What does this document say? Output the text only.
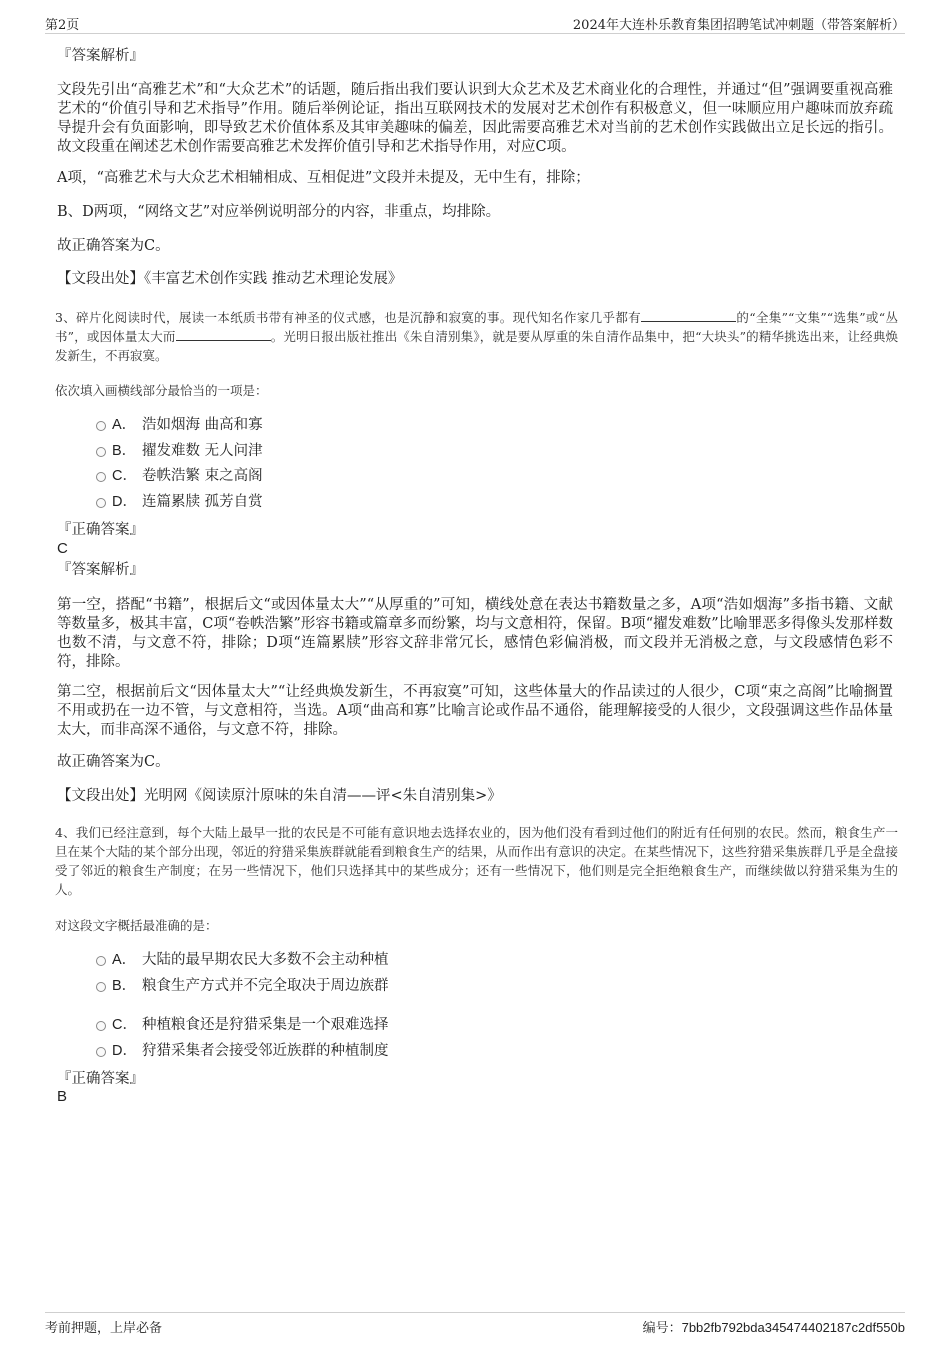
第2页	2024年大连朴乐教育集团招聘笔试冲刺题（带答案解析）
『答案解析』
文段先引出“高雅艺术”和“大众艺术”的话题，随后指出我们要认识到大众艺术及艺术商业化的合理性，并通过“但”强调要重视高雅艺术的“价值引导和艺术指导”作用。随后举例论证，指出互联网技术的发展对艺术创作有积极意义，但一味顺应用户趣味而放弃疏导提升会有负面影响，即导致艺术价值体系及其审美趣味的偏差，因此需要高雅艺术对当前的艺术创作实践做出立足长远的指引。故文段重在阐述艺术创作需要高雅艺术发挥价值引导和艺术指导作用，对应C项。
A项，“高雅艺术与大众艺术相辅相成、互相促进”文段并未提及，无中生有，排除；
B、D两项，“网络文艺”对应举例说明部分的内容，非重点，均排除。
故正确答案为C。
【文段出处】《丰富艺术创作实践 推动艺术理论发展》
3、碎片化阅读时代，展读一本纸质书带有神圣的仪式感，也是沉静和寂寞的事。现代知名作家几乎都有	的“全集”“文集”“选集”或“丛书”，或因体量太大而	。光明日报出版社推出《朱自清别集》，就是要从厚重的朱自清作品集中，把“大块头”的精华挑选出来，让经典焕发新生，不再寂寞。
依次填入画横线部分最恰当的一项是：
A． 浩如烟海 曲高和寡
B． 擢发难数 无人问津
C． 卷帙浩繁 束之高阁
D． 连篇累牍 孤芳自赏
『正确答案』
C
『答案解析』
第一空，搭配“书籍”，根据后文“或因体量太大”“从厚重的”可知，横线处意在表达书籍数量之多，A项“浩如烟海”多指书籍、文献等数量多，极其丰富，C项“卷帙浩繁”形容书籍或篇章多而纷繁，均与文意相符，保留。B项“擢发难数”比喻罪恶多得像头发那样数也数不清，与文意不符，排除；D项“连篇累牍”形容文辞非常冗长，感情色彩偏消极，而文段并无消极之意，与文段感情色彩不符，排除。
第二空，根据前后文“因体量太大”“让经典焕发新生，不再寂寞”可知，这些体量大的作品读过的人很少，C项“束之高阁”比喻搁置不用或扔在一边不管，与文意相符，当选。A项“曲高和寡”比喻言论或作品不通俗，能理解接受的人很少，文段强调这些作品体量太大，而非高深不通俗，与文意不符，排除。
故正确答案为C。
【文段出处】光明网《阅读原汁原味的朱自清——评<朱自清别集>》
4、我们已经注意到，每个大陆上最早一批的农民是不可能有意识地去选择农业的，因为他们没有看到过他们的附近有任何别的农民。然而，粮食生产一旦在某个大陆的某个部分出现，邻近的狩猎采集族群就能看到粮食生产的结果，从而作出有意识的决定。在某些情况下，这些狩猎采集族群几乎是全盘接受了邻近的粮食生产制度；在另一些情况下，他们只选择其中的某些成分；还有一些情况下，他们则是完全拒绝粮食生产，而继续做以狩猎采集为生的人。
对这段文字概括最准确的是：
A． 大陆的最早期农民大多数不会主动种植
B． 粮食生产方式并不完全取决于周边族群
C． 种植粮食还是狩猎采集是一个艰难选择
D． 狩猎采集者会接受邻近族群的种植制度
『正确答案』
B
考前押题，上岸必备	编号：7bb2fb792bda345474402187c2df550b
